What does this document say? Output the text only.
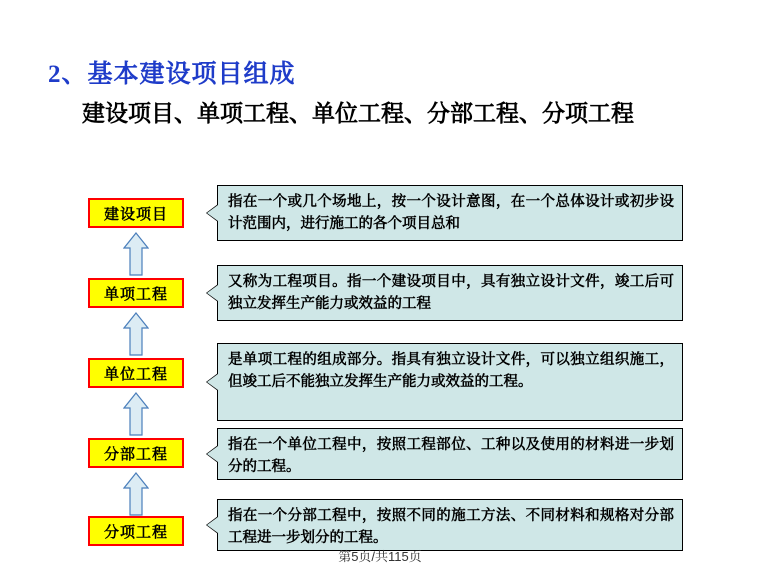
2、基本建设项目组成
建设项目、单项工程、单位工程、分部工程、分项工程
建设项目
单项工程
单位工程
分部工程
分项工程
指在一个或几个场地上，按一个设计意图，在一个总体设计或初步设计范围内，进行施工的各个项目总和
又称为工程项目。指一个建设项目中，具有独立设计文件，竣工后可独立发挥生产能力或效益的工程
是单项工程的组成部分。指具有独立设计文件，可以独立组织施工，但竣工后不能独立发挥生产能力或效益的工程。
指在一个单位工程中，按照工程部位、工种以及使用的材料进一步划分的工程。
指在一个分部工程中，按照不同的施工方法、不同材料和规格对分部工程进一步划分的工程。
第5页/共115页
